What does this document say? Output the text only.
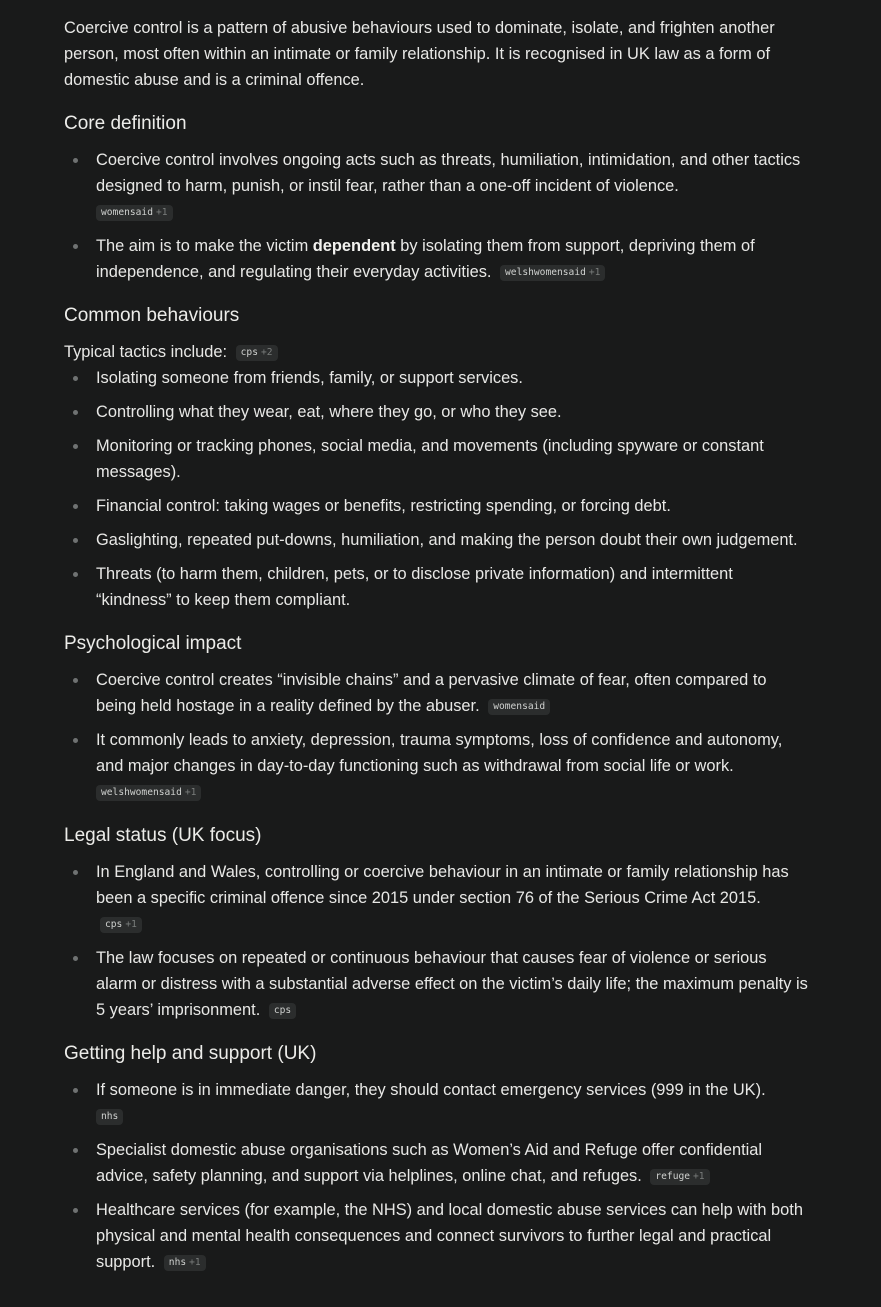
Coercive control is a pattern of abusive behaviours used to dominate, isolate, and frighten another person, most often within an intimate or family relationship. It is recognised in UK law as a form of domestic abuse and is a criminal offence.

Core definition
Coercive control involves ongoing acts such as threats, humiliation, intimidation, and other tactics designed to harm, punish, or instil fear, rather than a one-off incident of violence.
womensaid +1
The aim is to make the victim dependent by isolating them from support, depriving them of independence, and regulating their everyday activities. welshwomensaid +1
Common behaviours

Typical tactics include: cps +2

Isolating someone from friends, family, or support services.
Controlling what they wear, eat, where they go, or who they see.
Monitoring or tracking phones, social media, and movements (including spyware or constant messages).
Financial control: taking wages or benefits, restricting spending, or forcing debt.
Gaslighting, repeated put-downs, humiliation, and making the person doubt their own judgement.
Threats (to harm them, children, pets, or to disclose private information) and intermittent “kindness” to keep them compliant.
Psychological impact
Coercive control creates “invisible chains” and a pervasive climate of fear, often compared to being held hostage in a reality defined by the abuser. womensaid
It commonly leads to anxiety, depression, trauma symptoms, loss of confidence and autonomy, and major changes in day-to-day functioning such as withdrawal from social life or work.
welshwomensaid +1
Legal status (UK focus)
In England and Wales, controlling or coercive behaviour in an intimate or family relationship has been a specific criminal offence since 2015 under section 76 of the Serious Crime Act 2015. cps +1
The law focuses on repeated or continuous behaviour that causes fear of violence or serious alarm or distress with a substantial adverse effect on the victim’s daily life; the maximum penalty is 5 years’ imprisonment. cps
Getting help and support (UK)
If someone is in immediate danger, they should contact emergency services (999 in the UK).
nhs
Specialist domestic abuse organisations such as Women’s Aid and Refuge offer confidential advice, safety planning, and support via helplines, online chat, and refuges. refuge +1
Healthcare services (for example, the NHS) and local domestic abuse services can help with both physical and mental health consequences and connect survivors to further legal and practical support. nhs +1
